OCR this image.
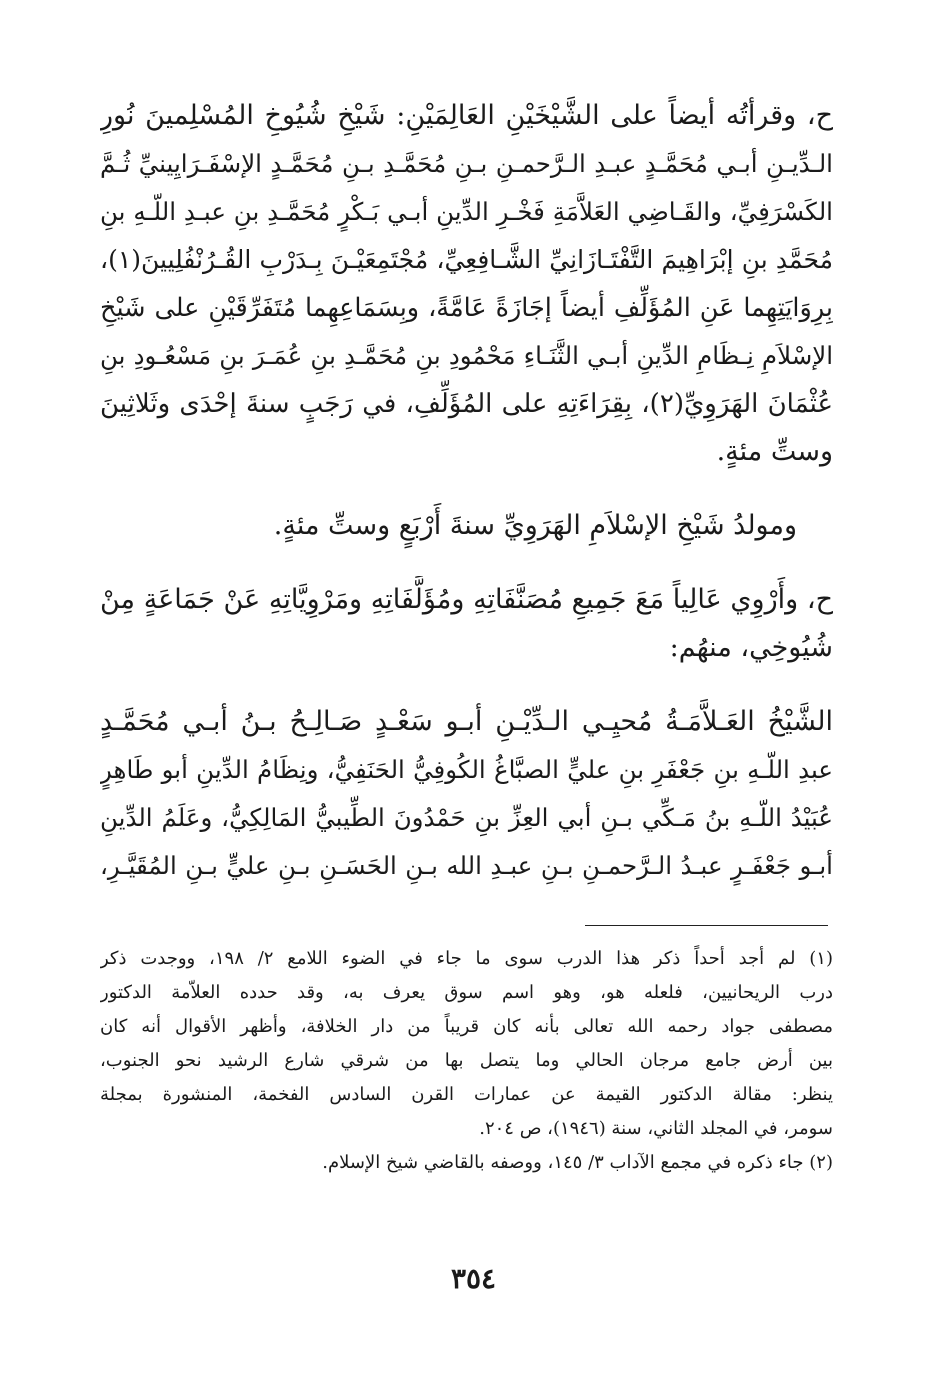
ح، وقرأتُه أيضاً على الشَّيْخَيْنِ العَالِمَيْنِ: شَيْخِ شُيُوخِ المُسْلِمينَ نُورِ
الـدِّيـنِ أبـي مُحَمَّـدٍ عبـدِ الـرَّحمـنِ بـنِ مُحَمَّـدِ بـنِ مُحَمَّـدٍ الإسْفَـرَايِينيِّ ثُـمَّ
الكَسْرَفِيِّ، والقَـاضِي العَلاَّمَةِ فَخْـرِ الدِّينِ أبـي بَـكْرٍ مُحَمَّـدِ بنِ عبـدِ اللّـهِ بنِ
مُحَمَّدِ بنِ إبْرَاهِيمَ التَّفْتَـازَانِيِّ الشَّـافِعِيِّ، مُجْتَمِعَيْـنَ بِـدَرْبِ القُـرُنْفُلِيينَ(١)،
بِرِوَايَتِهِما عَنِ المُؤَلِّفِ أيضاً إجَازَةً عَامَّةً، وبِسَمَاعِهِما مُتَفَرِّقَيْنِ على شَيْخِ
الإسْلاَمِ نِـظَامِ الدِّينِ أبـي الثَّنَـاءِ مَحْمُودِ بنِ مُحَمَّـدِ بنِ عُمَـرَ بنِ مَسْعُـودِ بنِ
عُثْمَانَ الهَرَوِيِّ(٢)، بِقِرَاءَتِهِ على المُؤَلِّفِ، في رَجَبٍ سنةَ إحْدَى وثَلاثِينَ
وستِّ مئةٍ.
ومولدُ شَيْخِ الإسْلاَمِ الهَرَوِيِّ سنةَ أَرْبَعٍ وستِّ مئةٍ.
ح، وأَرْوِي عَالِياً مَعَ جَمِيعِ مُصَنَّفَاتِهِ ومُؤَلَّفَاتِهِ ومَرْوِيَّاتِهِ عَنْ جَمَاعَةٍ مِنْ
شُيُوخِي، منهُم:
الشَّيْخُ العَـلاَّمَـةُ مُحيِـي الـدِّيْـنِ أبـو سَعْـدٍ صَـالِـحُ بـنُ أبـي مُحَمَّـدٍ
عبدِ اللّـهِ بنِ جَعْفَرِ بنِ عليٍّ الصبَّاغُ الكُوفِيُّ الحَنَفِيُّ، ونِظَامُ الدِّينِ أبو طَاهِرٍ
عُبَيْدُ اللّـهِ بنُ مَـكِّي بـنِ أبي العِزِّ بنِ حَمْدُونَ الطِّيبيُّ المَالِكِيُّ، وعَلَمُ الدِّينِ
أبـو جَعْفَـرٍ عبـدُ الـرَّحمـنِ بـنِ عبـدِ الله بـنِ الحَسَـنِ بـنِ عليٍّ بـنِ المُقَيَّـرِ،
(١) لم أجد أحداً ذكر هذا الدرب سوى ما جاء في الضوء اللامع ٢/ ١٩٨، ووجدت ذكر
درب الريحانيين، فلعله هو، وهو اسم سوق يعرف به، وقد حدده العلاّمة الدكتور
مصطفى جواد رحمه الله تعالى بأنه كان قريباً من دار الخلافة، وأظهر الأقوال أنه كان
بين أرض جامع مرجان الحالي وما يتصل بها من شرقي شارع الرشيد نحو الجنوب،
ينظر: مقالة الدكتور القيمة عن عمارات القرن السادس الفخمة، المنشورة بمجلة
سومر، في المجلد الثاني، سنة (١٩٤٦)، ص ٢٠٤.
(٢) جاء ذكره في مجمع الآداب ٣/ ١٤٥، ووصفه بالقاضي شيخ الإسلام.
٣٥٤
